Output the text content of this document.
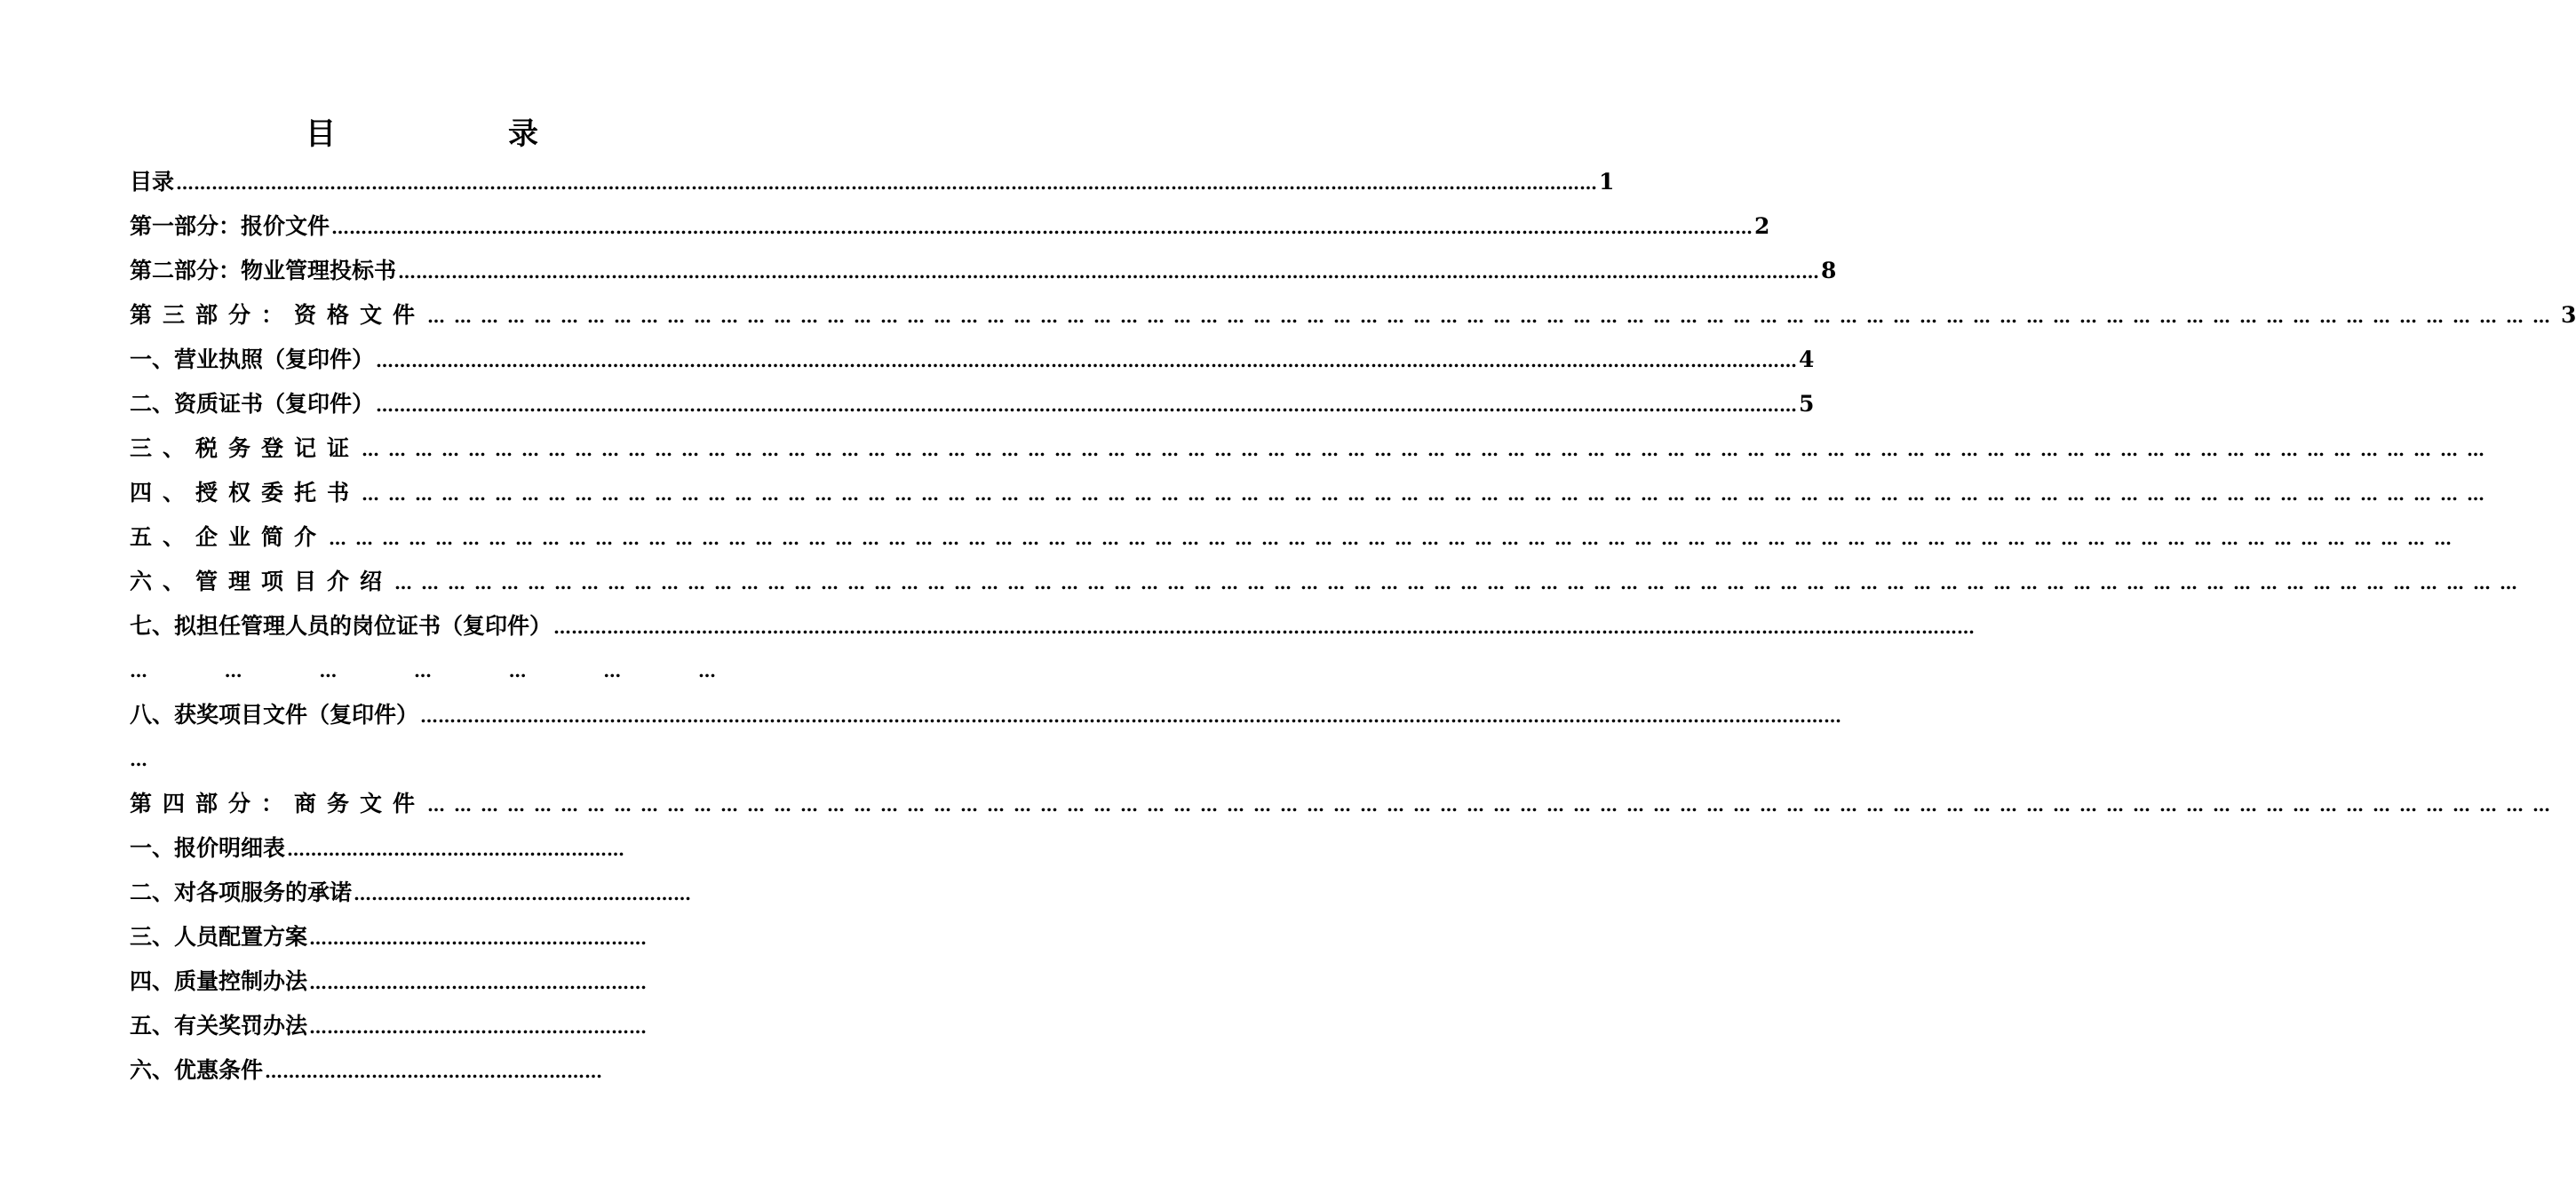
目　录
目录 …………………………………………………………………………………………………………………………………………………………………………………………………………………… 1
第一部分：报价文件 …………………………………………………………………………………………………………………………………………………………………………………………………………………… 2
第二部分：物业管理投标书 …………………………………………………………………………………………………………………………………………………………………………………………………………………… 8
第三部分：资格文件 …………………………………………………………………………………………………………………………………………………………………………………………………………………… 3
一、营业执照（复印件） …………………………………………………………………………………………………………………………………………………………………………………………………………………… 4
二、资质证书（复印件） …………………………………………………………………………………………………………………………………………………………………………………………………………………… 5
三、税务登记证 ……………………………………………………………………………………………………………………………………………………………………………………………………………………
四、授权委托书 ……………………………………………………………………………………………………………………………………………………………………………………………………………………
五、企业简介 ……………………………………………………………………………………………………………………………………………………………………………………………………………………
六、管理项目介绍 ……………………………………………………………………………………………………………………………………………………………………………………………………………………
七、拟担任管理人员的岗位证书（复印件） ……………………………………………………………………………………………………………………………………………………………………………………………………………………
…	…	…	…	…	…	…
八、获奖项目文件（复印件） ……………………………………………………………………………………………………………………………………………………………………………………………………………………
…
第四部分：商务文件 ……………………………………………………………………………………………………………………………………………………………………………………………………………………
一、报价明细表 …………………………………………………
二、对各项服务的承诺 …………………………………………………
三、人员配置方案 …………………………………………………
四、质量控制办法 …………………………………………………
五、有关奖罚办法 …………………………………………………
六、优惠条件 …………………………………………………
